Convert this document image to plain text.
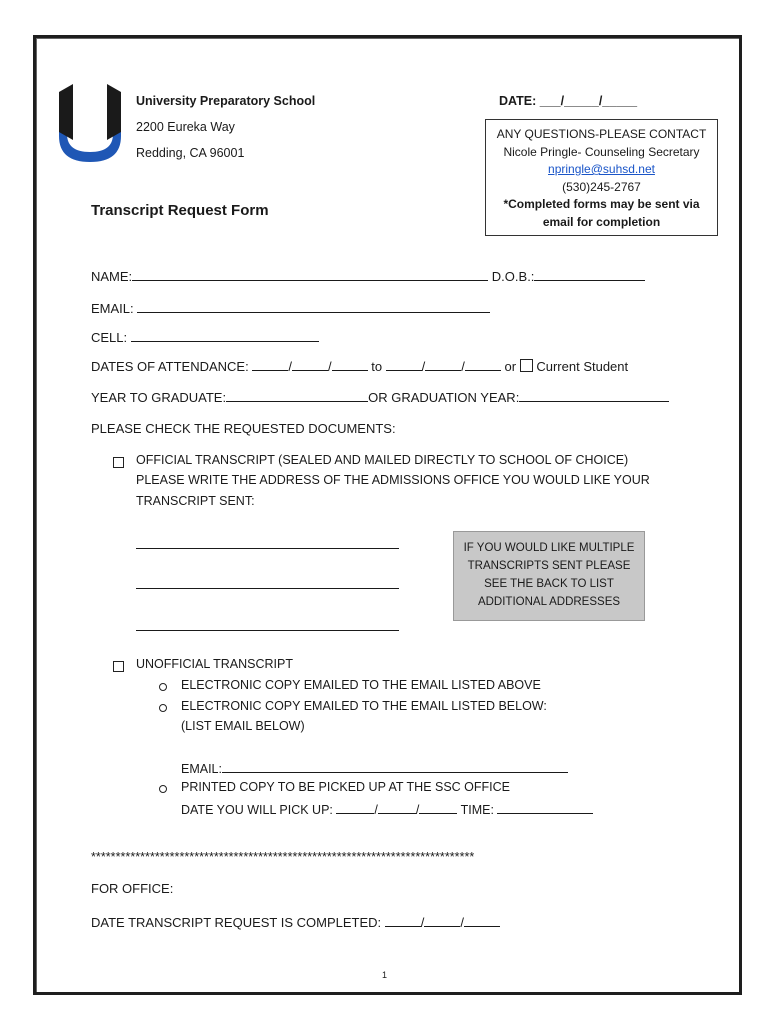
University Preparatory School
2200 Eureka Way
Redding, CA 96001
DATE: ___/_____/_____
Transcript Request Form
ANY QUESTIONS-PLEASE CONTACT
Nicole Pringle- Counseling Secretary
npringle@suhsd.net
(530)245-2767
*Completed forms may be sent via
email for completion
NAME:	D.O.B.:
EMAIL:
CELL:
DATES OF ATTENDANCE:	/	/	to	/	/	or Current Student
YEAR TO GRADUATE:	OR GRADUATION YEAR:
PLEASE CHECK THE REQUESTED DOCUMENTS:
OFFICIAL TRANSCRIPT (SEALED AND MAILED DIRECTLY TO SCHOOL OF CHOICE)
PLEASE WRITE THE ADDRESS OF THE ADMISSIONS OFFICE YOU WOULD LIKE YOUR
TRANSCRIPT SENT:
IF YOU WOULD LIKE MULTIPLE
TRANSCRIPTS SENT PLEASE
SEE THE BACK TO LIST
ADDITIONAL ADDRESSES
UNOFFICIAL TRANSCRIPT
ELECTRONIC COPY EMAILED TO THE EMAIL LISTED ABOVE
ELECTRONIC COPY EMAILED TO THE EMAIL LISTED BELOW:
(LIST EMAIL BELOW)
EMAIL:
PRINTED COPY TO BE PICKED UP AT THE SSC OFFICE
DATE YOU WILL PICK UP:	/	/	TIME:
******************************************************************************
FOR OFFICE:
DATE TRANSCRIPT REQUEST IS COMPLETED:	/	/
1
